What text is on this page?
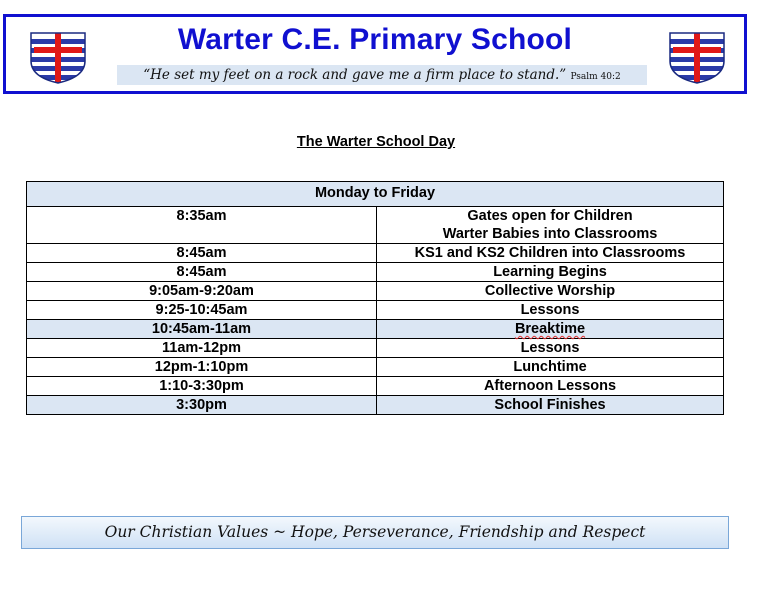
Warter C.E. Primary School
“He set my feet on a rock and gave me a firm place to stand.” Psalm 40:2
The Warter School Day
Monday to Friday	
8:35am	Gates open for Children
Warter Babies into Classrooms

8:45am	KS1 and KS2 Children into Classrooms
8:45am	Learning Begins
9:05am-9:20am	Collective Worship
9:25-10:45am	Lessons
10:45am-11am	Breaktime
11am-12pm	Lessons
12pm-1:10pm	Lunchtime
1:10-3:30pm	Afternoon Lessons
3:30pm	School Finishes
Our Christian Values ~ Hope, Perseverance, Friendship and Respect
